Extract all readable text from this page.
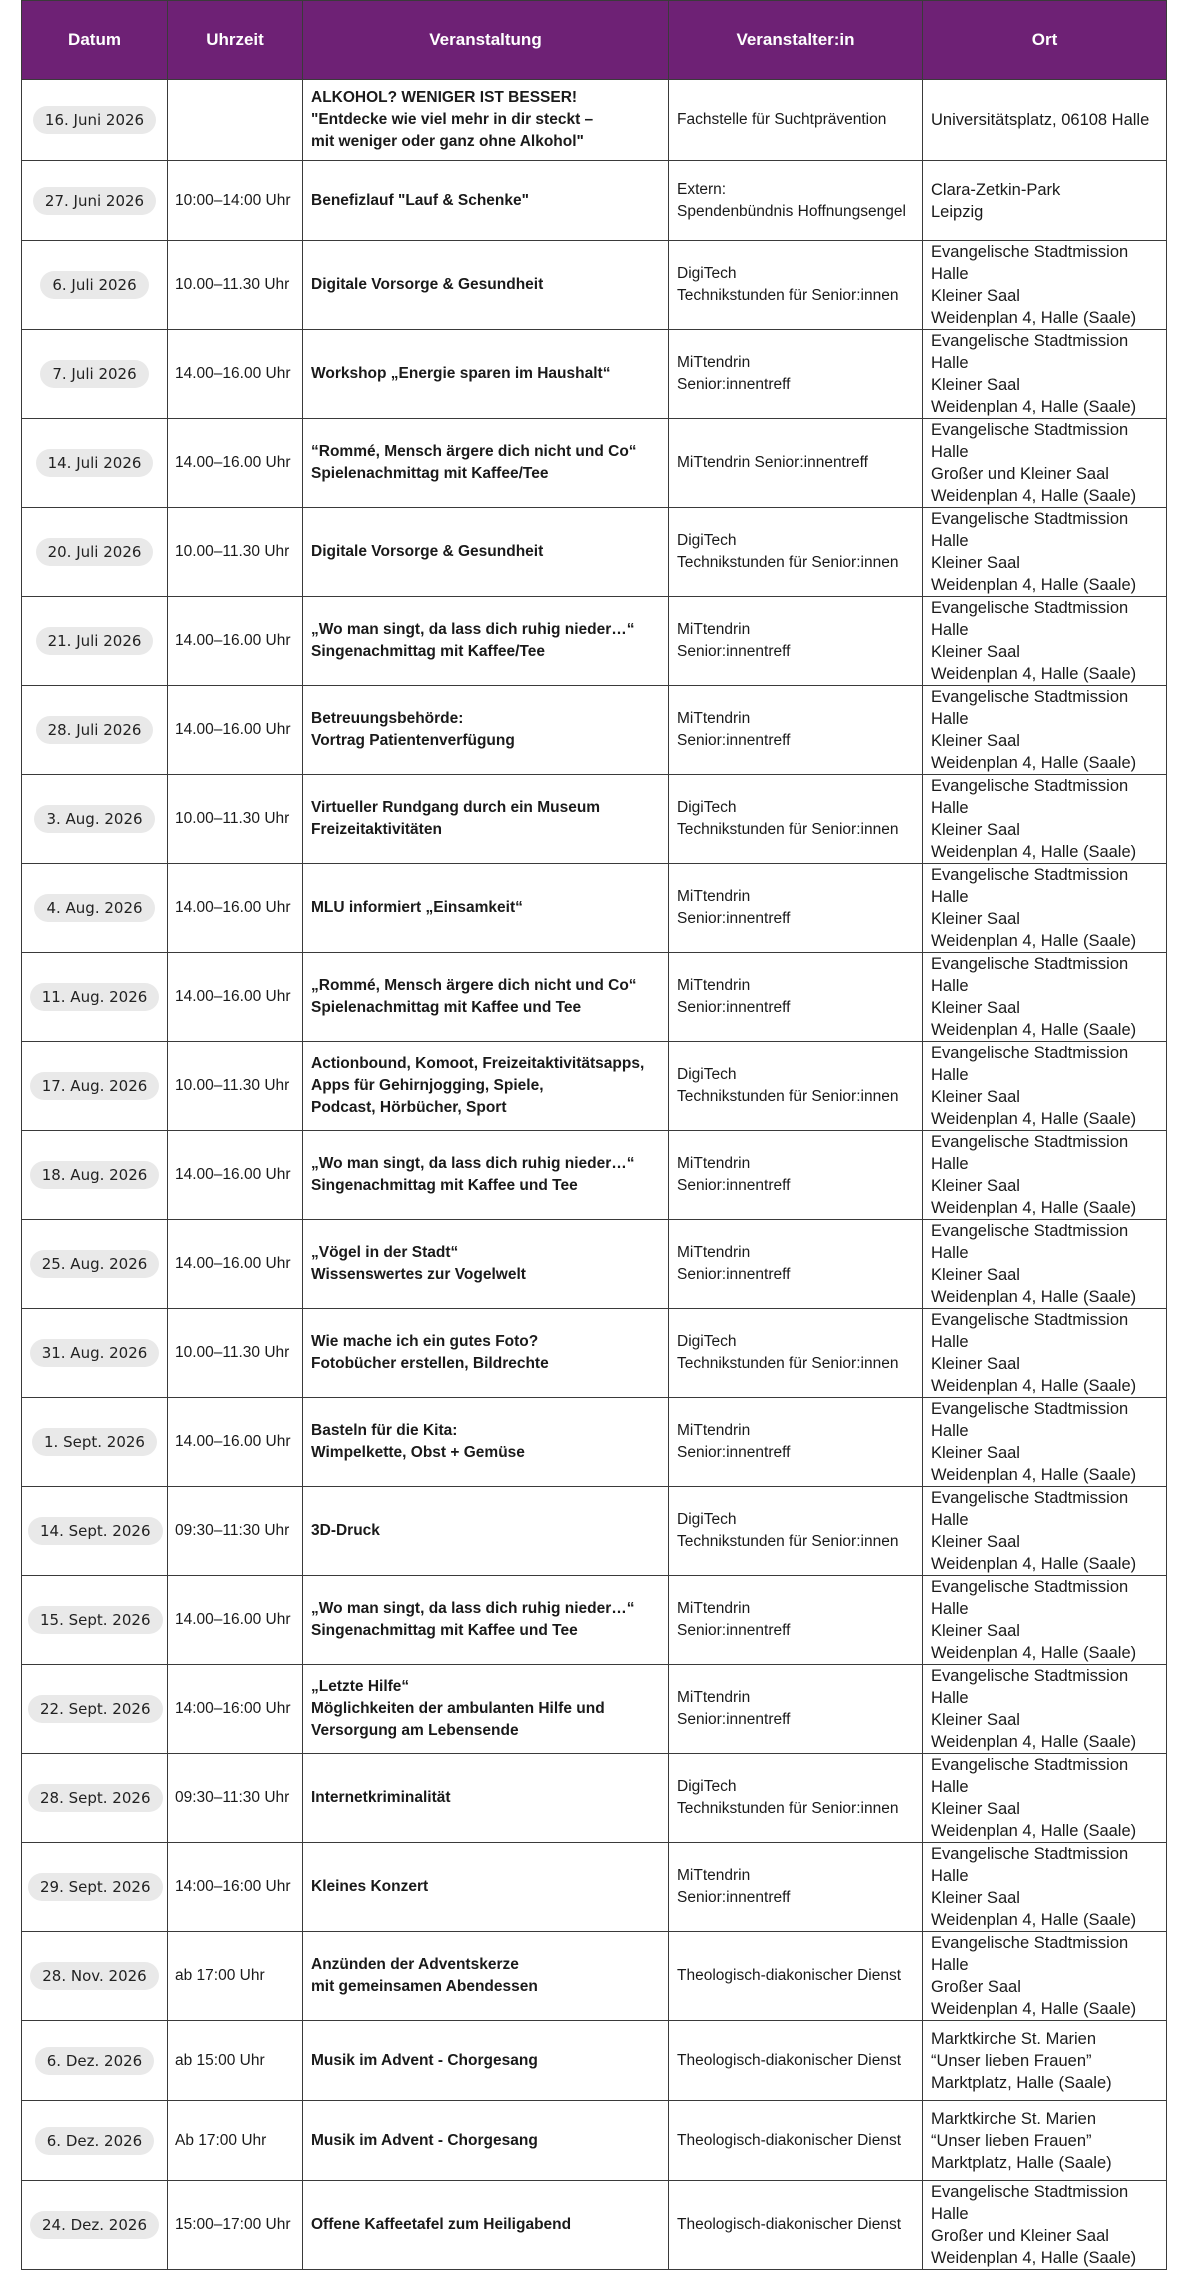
Datum	Uhrzeit	Veranstaltung	Veranstalter:in	Ort
16. Juni 2026		ALKOHOL? WENIGER IST BESSER!
"Entdecke wie viel mehr in dir steckt –
mit weniger oder ganz ohne Alkohol"	Fachstelle für Suchtprävention	Universitätsplatz, 06108 Halle

27. Juni 2026	10:00–14:00 Uhr	Benefizlauf "Lauf & Schenke"	Extern:
Spendenbündnis Hoffnungsengel	Clara-Zetkin-Park
Leipzig

6. Juli 2026	10.00–11.30 Uhr	Digitale Vorsorge & Gesundheit	DigiTech
Technikstunden für Senior:innen	Evangelische Stadtmission Halle
Kleiner Saal
Weidenplan 4, Halle (Saale)

7. Juli 2026	14.00–16.00 Uhr	Workshop „Energie sparen im Haushalt“	MiTtendrin
Senior:innentreff	Evangelische Stadtmission Halle
Kleiner Saal
Weidenplan 4, Halle (Saale)

14. Juli 2026	14.00–16.00 Uhr	“Rommé, Mensch ärgere dich nicht und Co“
Spielenachmittag mit Kaffee/Tee	MiTtendrin Senior:innentreff	Evangelische Stadtmission Halle
Großer und Kleiner Saal
Weidenplan 4, Halle (Saale)

20. Juli 2026	10.00–11.30 Uhr	Digitale Vorsorge & Gesundheit	DigiTech
Technikstunden für Senior:innen	Evangelische Stadtmission Halle
Kleiner Saal
Weidenplan 4, Halle (Saale)

21. Juli 2026	14.00–16.00 Uhr	„Wo man singt, da lass dich ruhig nieder…“
Singenachmittag mit Kaffee/Tee	MiTtendrin
Senior:innentreff	Evangelische Stadtmission Halle
Kleiner Saal
Weidenplan 4, Halle (Saale)

28. Juli 2026	14.00–16.00 Uhr	Betreuungsbehörde:
Vortrag Patientenverfügung	MiTtendrin
Senior:innentreff	Evangelische Stadtmission Halle
Kleiner Saal
Weidenplan 4, Halle (Saale)

3. Aug. 2026	10.00–11.30 Uhr	Virtueller Rundgang durch ein Museum
Freizeitaktivitäten	DigiTech
Technikstunden für Senior:innen	Evangelische Stadtmission Halle
Kleiner Saal
Weidenplan 4, Halle (Saale)

4. Aug. 2026	14.00–16.00 Uhr	MLU informiert „Einsamkeit“	MiTtendrin
Senior:innentreff	Evangelische Stadtmission Halle
Kleiner Saal
Weidenplan 4, Halle (Saale)

11. Aug. 2026	14.00–16.00 Uhr	„Rommé, Mensch ärgere dich nicht und Co“
Spielenachmittag mit Kaffee und Tee	MiTtendrin
Senior:innentreff	Evangelische Stadtmission Halle
Kleiner Saal
Weidenplan 4, Halle (Saale)

17. Aug. 2026	10.00–11.30 Uhr	Actionbound, Komoot, Freizeitaktivitätsapps,
Apps für Gehirnjogging, Spiele,
Podcast, Hörbücher, Sport	DigiTech
Technikstunden für Senior:innen	Evangelische Stadtmission Halle
Kleiner Saal
Weidenplan 4, Halle (Saale)

18. Aug. 2026	14.00–16.00 Uhr	„Wo man singt, da lass dich ruhig nieder…“
Singenachmittag mit Kaffee und Tee	MiTtendrin
Senior:innentreff	Evangelische Stadtmission Halle
Kleiner Saal
Weidenplan 4, Halle (Saale)

25. Aug. 2026	14.00–16.00 Uhr	„Vögel in der Stadt“
Wissenswertes zur Vogelwelt	MiTtendrin
Senior:innentreff	Evangelische Stadtmission Halle
Kleiner Saal
Weidenplan 4, Halle (Saale)

31. Aug. 2026	10.00–11.30 Uhr	Wie mache ich ein gutes Foto?
Fotobücher erstellen, Bildrechte	DigiTech
Technikstunden für Senior:innen	Evangelische Stadtmission Halle
Kleiner Saal
Weidenplan 4, Halle (Saale)

1. Sept. 2026	14.00–16.00 Uhr	Basteln für die Kita:
Wimpelkette, Obst + Gemüse	MiTtendrin
Senior:innentreff	Evangelische Stadtmission Halle
Kleiner Saal
Weidenplan 4, Halle (Saale)

14. Sept. 2026	09:30–11:30 Uhr	3D-Druck	DigiTech
Technikstunden für Senior:innen	Evangelische Stadtmission Halle
Kleiner Saal
Weidenplan 4, Halle (Saale)

15. Sept. 2026	14.00–16.00 Uhr	„Wo man singt, da lass dich ruhig nieder…“
Singenachmittag mit Kaffee und Tee	MiTtendrin
Senior:innentreff	Evangelische Stadtmission Halle
Kleiner Saal
Weidenplan 4, Halle (Saale)

22. Sept. 2026	14:00–16:00 Uhr	„Letzte Hilfe“
Möglichkeiten der ambulanten Hilfe und
Versorgung am Lebensende	MiTtendrin
Senior:innentreff	Evangelische Stadtmission Halle
Kleiner Saal
Weidenplan 4, Halle (Saale)

28. Sept. 2026	09:30–11:30 Uhr	Internetkriminalität	DigiTech
Technikstunden für Senior:innen	Evangelische Stadtmission Halle
Kleiner Saal
Weidenplan 4, Halle (Saale)

29. Sept. 2026	14:00–16:00 Uhr	Kleines Konzert	MiTtendrin
Senior:innentreff	Evangelische Stadtmission Halle
Kleiner Saal
Weidenplan 4, Halle (Saale)

28. Nov. 2026	ab 17:00 Uhr	Anzünden der Adventskerze
mit gemeinsamen Abendessen	Theologisch-diakonischer Dienst	Evangelische Stadtmission Halle
Großer Saal
Weidenplan 4, Halle (Saale)

6. Dez. 2026	ab 15:00 Uhr	Musik im Advent - Chorgesang	Theologisch-diakonischer Dienst	Marktkirche St. Marien
“Unser lieben Frauen”
Marktplatz, Halle (Saale)

6. Dez. 2026	Ab 17:00 Uhr	Musik im Advent - Chorgesang	Theologisch-diakonischer Dienst	Marktkirche St. Marien
“Unser lieben Frauen”
Marktplatz, Halle (Saale)

24. Dez. 2026	15:00–17:00 Uhr	Offene Kaffeetafel zum Heiligabend	Theologisch-diakonischer Dienst	Evangelische Stadtmission Halle
Großer und Kleiner Saal
Weidenplan 4, Halle (Saale)
